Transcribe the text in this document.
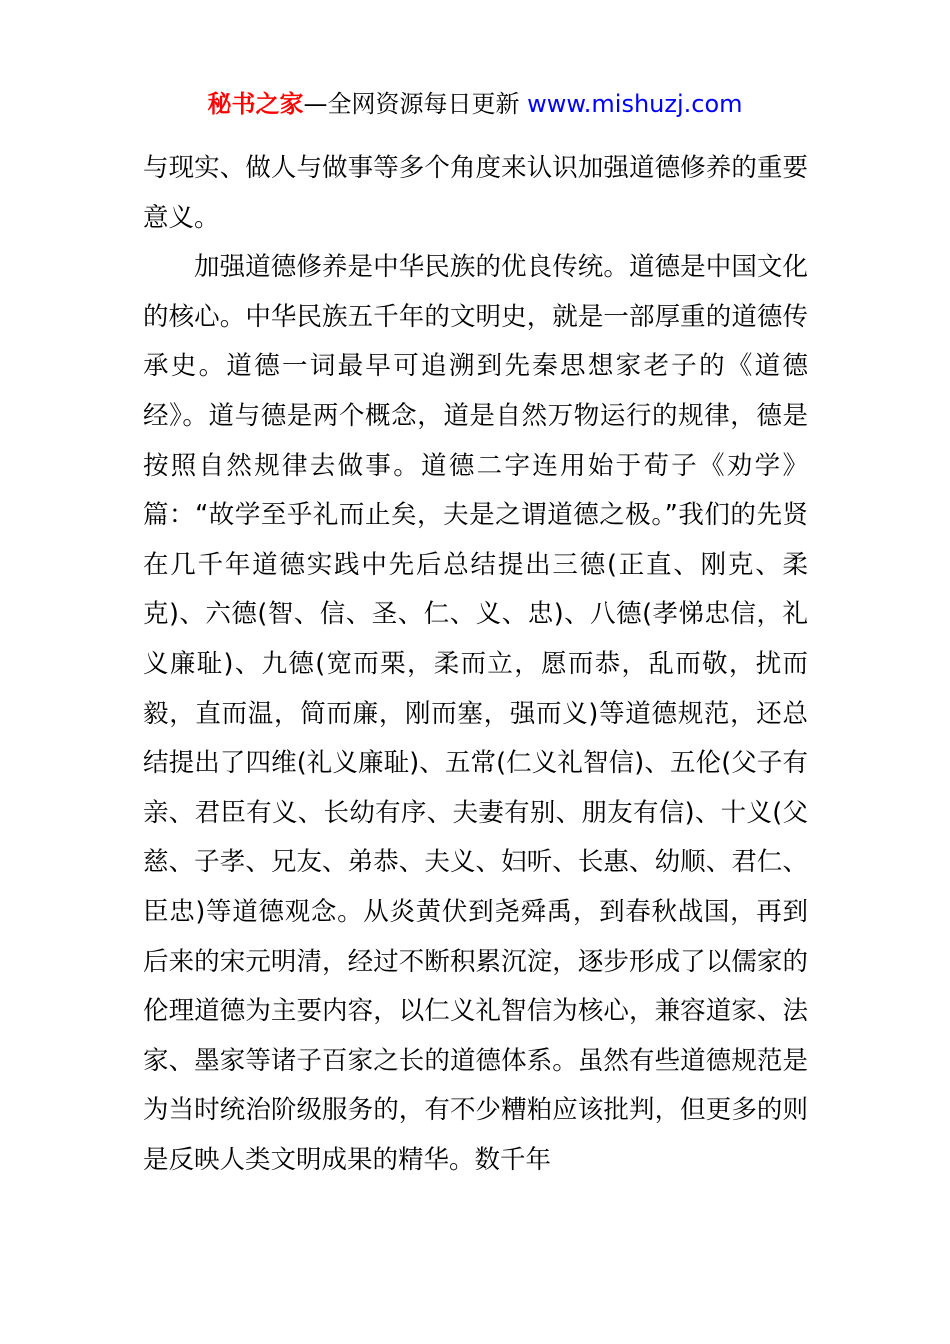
秘书之家—全网资源每日更新 www.mishuzj.com

与现实、做人与做事等多个角度来认识加强道德修养的重要意义。

加强道德修养是中华民族的优良传统。道德是中国文化的核心。中华民族五千年的文明史，就是一部厚重的道德传承史。道德一词最早可追溯到先秦思想家老子的《道德经》。道与德是两个概念，道是自然万物运行的规律，德是按照自然规律去做事。道德二字连用始于荀子《劝学》篇：“故学至乎礼而止矣，夫是之谓道德之极。”我们的先贤在几千年道德实践中先后总结提出三德(正直、刚克、柔克)、六德(智、信、圣、仁、义、忠)、八德(孝悌忠信，礼义廉耻)、九德(宽而栗，柔而立，愿而恭，乱而敬，扰而毅，直而温，简而廉，刚而塞，强而义)等道德规范，还总结提出了四维(礼义廉耻)、五常(仁义礼智信)、五伦(父子有亲、君臣有义、长幼有序、夫妻有别、朋友有信)、十义(父慈、子孝、兄友、弟恭、夫义、妇听、长惠、幼顺、君仁、臣忠)等道德观念。从炎黄伏到尧舜禹，到春秋战国，再到后来的宋元明清，经过不断积累沉淀，逐步形成了以儒家的伦理道德为主要内容，以仁义礼智信为核心，兼容道家、法家、墨家等诸子百家之长的道德体系。虽然有些道德规范是为当时统治阶级服务的，有不少糟粕应该批判，但更多的则是反映人类文明成果的精华。数千年
